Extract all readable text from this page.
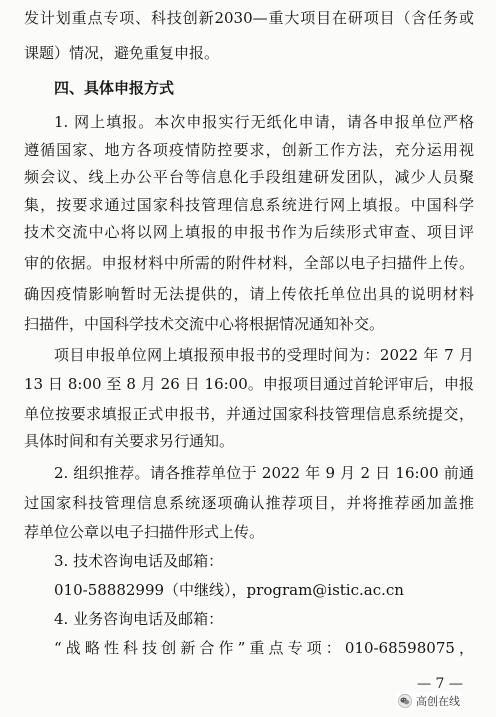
发计划重点专项、科技创新2030—重大项目在研项目（含任务或
课题）情况，避免重复申报。
四、具体申报方式
1. 网上填报。本次申报实行无纸化申请，请各申报单位严格
遵循国家、地方各项疫情防控要求，创新工作方法，充分运用视
频会议、线上办公平台等信息化手段组建研发团队，减少人员聚
集，按要求通过国家科技管理信息系统进行网上填报。中国科学
技术交流中心将以网上填报的申报书作为后续形式审查、项目评
审的依据。申报材料中所需的附件材料，全部以电子扫描件上传。
确因疫情影响暂时无法提供的，请上传依托单位出具的说明材料
扫描件，中国科学技术交流中心将根据情况通知补交。
项目申报单位网上填报预申报书的受理时间为：2022 年 7 月
13 日 8:00 至 8 月 26 日 16:00。申报项目通过首轮评审后，申报
单位按要求填报正式申报书，并通过国家科技管理信息系统提交，
具体时间和有关要求另行通知。
2. 组织推荐。请各推荐单位于 2022 年 9 月 2 日 16:00 前通
过国家科技管理信息系统逐项确认推荐项目，并将推荐函加盖推
荐单位公章以电子扫描件形式上传。
3. 技术咨询电话及邮箱：
010-58882999（中继线），program@istic.ac.cn
4. 业务咨询电话及邮箱：
“战略性科技创新合作”重点专项：010-68598075，
— 7 —
高创在线
